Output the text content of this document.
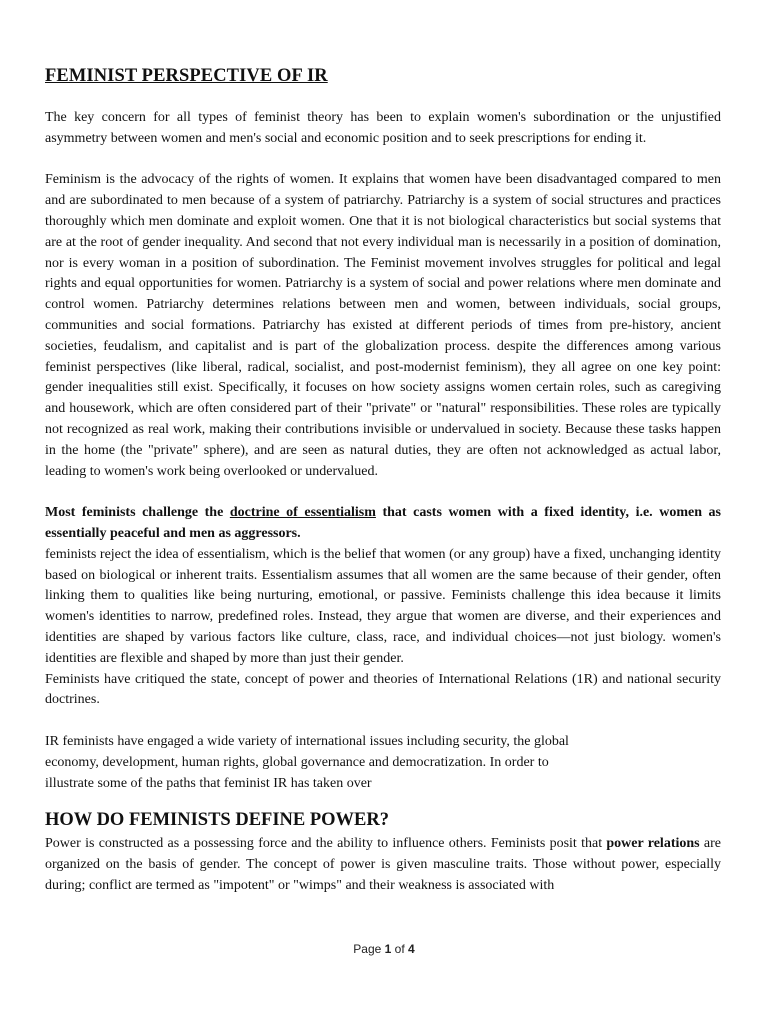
FEMINIST PERSPECTIVE OF IR

The key concern for all types of feminist theory has been to explain women's subordination or the unjustified asymmetry between women and men's social and economic position and to seek prescriptions for ending it.

Feminism is the advocacy of the rights of women. It explains that women have been disadvantaged compared to men and are subordinated to men because of a system of patriarchy. Patriarchy is a system of social structures and practices thoroughly which men dominate and exploit women. One that it is not biological characteristics but social systems that are at the root of gender inequality. And second that not every individual man is necessarily in a position of domination, nor is every woman in a position of subordination. The Feminist movement involves struggles for political and legal rights and equal opportunities for women. Patriarchy is a system of social and power relations where men dominate and control women. Patriarchy determines relations between men and women, between individuals, social groups, communities and social formations. Patriarchy has existed at different periods of times from pre-history, ancient societies, feudalism, and capitalist and is part of the globalization process. despite the differences among various feminist perspectives (like liberal, radical, socialist, and post-modernist feminism), they all agree on one key point: gender inequalities still exist. Specifically, it focuses on how society assigns women certain roles, such as caregiving and housework, which are often considered part of their "private" or "natural" responsibilities. These roles are typically not recognized as real work, making their contributions invisible or undervalued in society. Because these tasks happen in the home (the "private" sphere), and are seen as natural duties, they are often not acknowledged as actual labor, leading to women's work being overlooked or undervalued.

Most feminists challenge the doctrine of essentialism that casts women with a fixed identity, i.e. women as essentially peaceful and men as aggressors.

feminists reject the idea of essentialism, which is the belief that women (or any group) have a fixed, unchanging identity based on biological or inherent traits. Essentialism assumes that all women are the same because of their gender, often linking them to qualities like being nurturing, emotional, or passive. Feminists challenge this idea because it limits women's identities to narrow, predefined roles. Instead, they argue that women are diverse, and their experiences and identities are shaped by various factors like culture, class, race, and individual choices—not just biology. women's identities are flexible and shaped by more than just their gender.

Feminists have critiqued the state, concept of power and theories of International Relations (1R) and national security doctrines.

IR feminists have engaged a wide variety of international issues including security, the global
economy, development, human rights, global governance and democratization. In order to
illustrate some of the paths that feminist IR has taken over

HOW DO FEMINISTS DEFINE POWER?

Power is constructed as a possessing force and the ability to influence others. Feminists posit that power relations are organized on the basis of gender. The concept of power is given masculine traits. Those without power, especially during; conflict are termed as "impotent" or "wimps" and their weakness is associated with

Page 1 of 4
